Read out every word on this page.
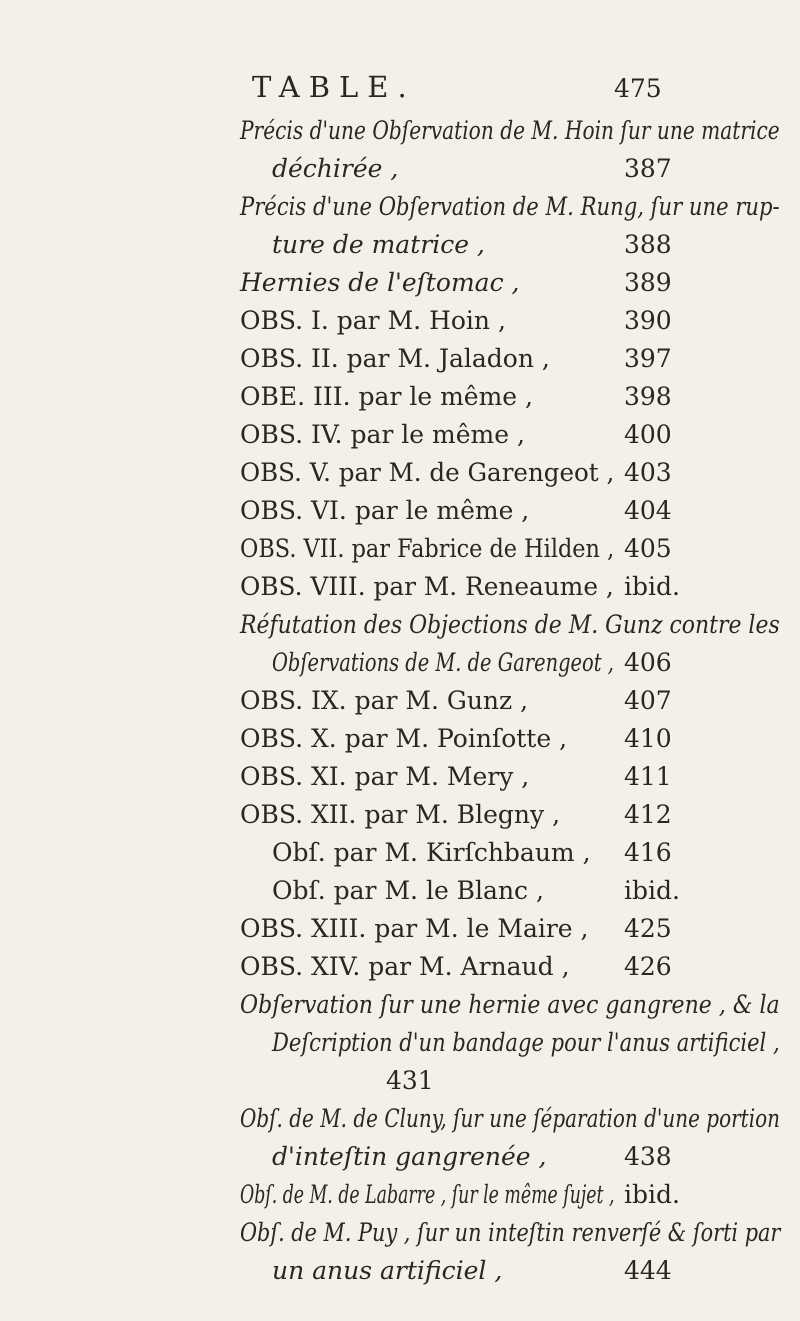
TABLE.	475
Précis d'une Obſervation de M. Hoin ſur une matrice
déchirée ,	387
Précis d'une Obſervation de M. Rung, ſur une rup-
ture de matrice ,	388
Hernies de l'eſtomac ,	389
OBS. I. par M. Hoin ,	390
OBS. II. par M. Jaladon ,	397
OBE. III. par le même ,	398
OBS. IV. par le même ,	400
OBS. V. par M. de Garengeot , 403
OBS. VI. par le même ,	404
OBS. VII. par Fabrice de Hilden , 405
OBS. VIII. par M. Reneaume , ibid.
Réfutation des Objections de M. Gunz contre les
Obſervations de M. de Garengeot , 406
OBS. IX. par M. Gunz ,	407
OBS. X. par M. Poinſotte , 410
OBS. XI. par M. Mery ,	411
OBS. XII. par M. Blegny ,	412
Obſ. par M. Kirſchbaum , 416
Obſ. par M. le Blanc ,	ibid.
OBS. XIII. par M. le Maire , 425
OBS. XIV. par M. Arnaud , 426
Obſervation ſur une hernie avec gangrene , & la
Deſcription d'un bandage pour l'anus artificiel ,
431
Obſ. de M. de Cluny, ſur une ſéparation d'une portion
d'inteſtin gangrenée ,	438
Obſ. de M. de Labarre , ſur le même ſujet , ibid.
Obſ. de M. Puy , ſur un inteſtin renverſé & ſorti par
un anus artificiel ,	444
